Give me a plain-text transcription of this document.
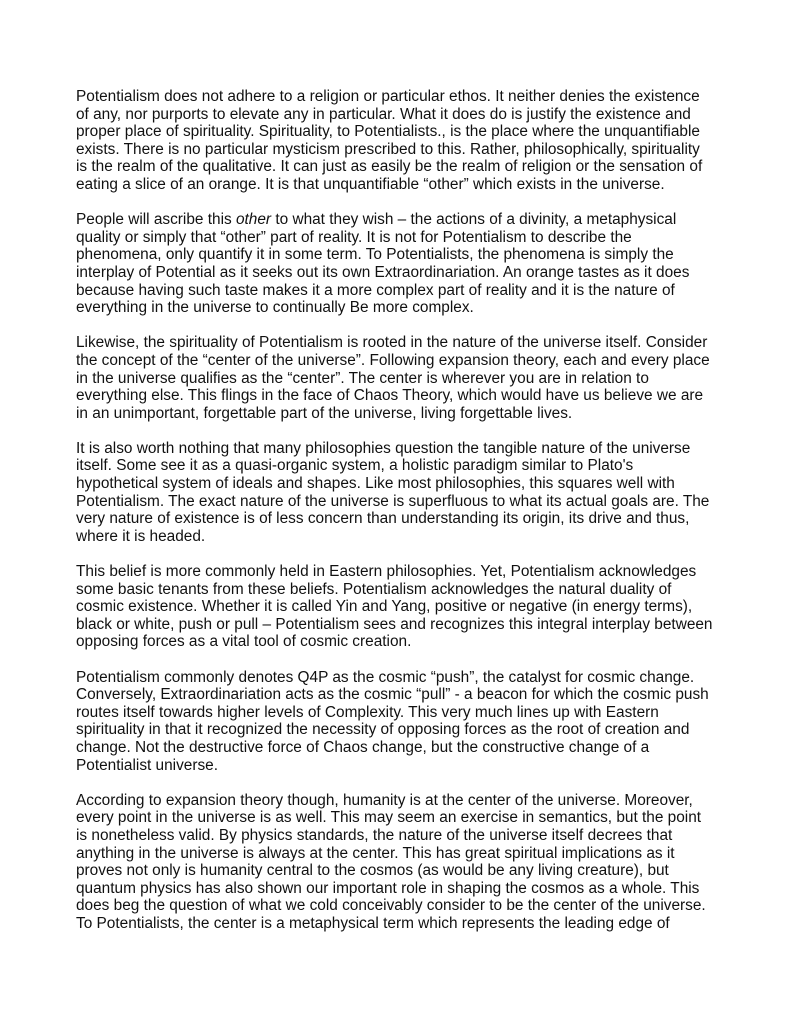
Potentialism does not adhere to a religion or particular ethos. It neither denies the existence
of any, nor purports to elevate any in particular. What it does do is justify the existence and
proper place of spirituality. Spirituality, to Potentialists., is the place where the unquantifiable
exists. There is no particular mysticism prescribed to this. Rather, philosophically, spirituality
is the realm of the qualitative. It can just as easily be the realm of religion or the sensation of
eating a slice of an orange. It is that unquantifiable “other” which exists in the universe.

People will ascribe this other to what they wish – the actions of a divinity, a metaphysical
quality or simply that “other” part of reality. It is not for Potentialism to describe the
phenomena, only quantify it in some term. To Potentialists, the phenomena is simply the
interplay of Potential as it seeks out its own Extraordinariation. An orange tastes as it does
because having such taste makes it a more complex part of reality and it is the nature of
everything in the universe to continually Be more complex.

Likewise, the spirituality of Potentialism is rooted in the nature of the universe itself. Consider
the concept of the “center of the universe”. Following expansion theory, each and every place
in the universe qualifies as the “center”. The center is wherever you are in relation to
everything else. This flings in the face of Chaos Theory, which would have us believe we are
in an unimportant, forgettable part of the universe, living forgettable lives.

It is also worth nothing that many philosophies question the tangible nature of the universe
itself. Some see it as a quasi-organic system, a holistic paradigm similar to Plato's
hypothetical system of ideals and shapes. Like most philosophies, this squares well with
Potentialism. The exact nature of the universe is superfluous to what its actual goals are. The
very nature of existence is of less concern than understanding its origin, its drive and thus,
where it is headed.

This belief is more commonly held in Eastern philosophies. Yet, Potentialism acknowledges
some basic tenants from these beliefs. Potentialism acknowledges the natural duality of
cosmic existence. Whether it is called Yin and Yang, positive or negative (in energy terms),
black or white, push or pull – Potentialism sees and recognizes this integral interplay between
opposing forces as a vital tool of cosmic creation.

Potentialism commonly denotes Q4P as the cosmic “push”, the catalyst for cosmic change.
Conversely, Extraordinariation acts as the cosmic “pull” - a beacon for which the cosmic push
routes itself towards higher levels of Complexity. This very much lines up with Eastern
spirituality in that it recognized the necessity of opposing forces as the root of creation and
change. Not the destructive force of Chaos change, but the constructive change of a
Potentialist universe.

According to expansion theory though, humanity is at the center of the universe. Moreover,
every point in the universe is as well. This may seem an exercise in semantics, but the point
is nonetheless valid. By physics standards, the nature of the universe itself decrees that
anything in the universe is always at the center. This has great spiritual implications as it
proves not only is humanity central to the cosmos (as would be any living creature), but
quantum physics has also shown our important role in shaping the cosmos as a whole. This
does beg the question of what we cold conceivably consider to be the center of the universe.
To Potentialists, the center is a metaphysical term which represents the leading edge of
